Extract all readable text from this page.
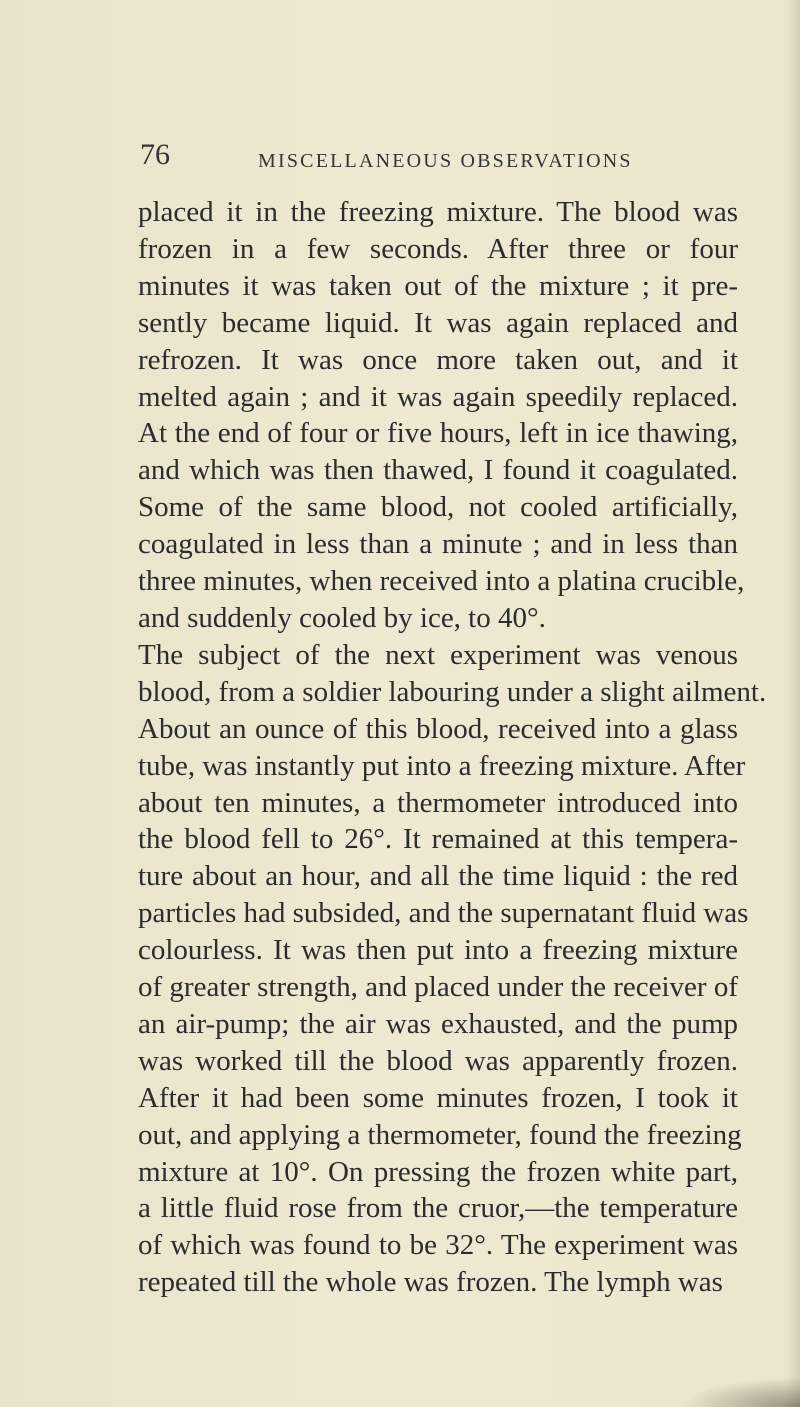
76	MISCELLANEOUS OBSERVATIONS
placed it in the freezing mixture. The blood was
frozen in a few seconds. After three or four
minutes it was taken out of the mixture ; it pre-
sently became liquid. It was again replaced and
refrozen. It was once more taken out, and it
melted again ; and it was again speedily replaced.
At the end of four or five hours, left in ice thawing,
and which was then thawed, I found it coagulated.
Some of the same blood, not cooled artificially,
coagulated in less than a minute ; and in less than
three minutes, when received into a platina crucible,
and suddenly cooled by ice, to 40°.
The subject of the next experiment was venous
blood, from a soldier labouring under a slight ailment.
About an ounce of this blood, received into a glass
tube, was instantly put into a freezing mixture. After
about ten minutes, a thermometer introduced into
the blood fell to 26°. It remained at this tempera-
ture about an hour, and all the time liquid : the red
particles had subsided, and the supernatant fluid was
colourless. It was then put into a freezing mixture
of greater strength, and placed under the receiver of
an air-pump; the air was exhausted, and the pump
was worked till the blood was apparently frozen.
After it had been some minutes frozen, I took it
out, and applying a thermometer, found the freezing
mixture at 10°. On pressing the frozen white part,
a little fluid rose from the cruor,—the temperature
of which was found to be 32°. The experiment was
repeated till the whole was frozen. The lymph was
